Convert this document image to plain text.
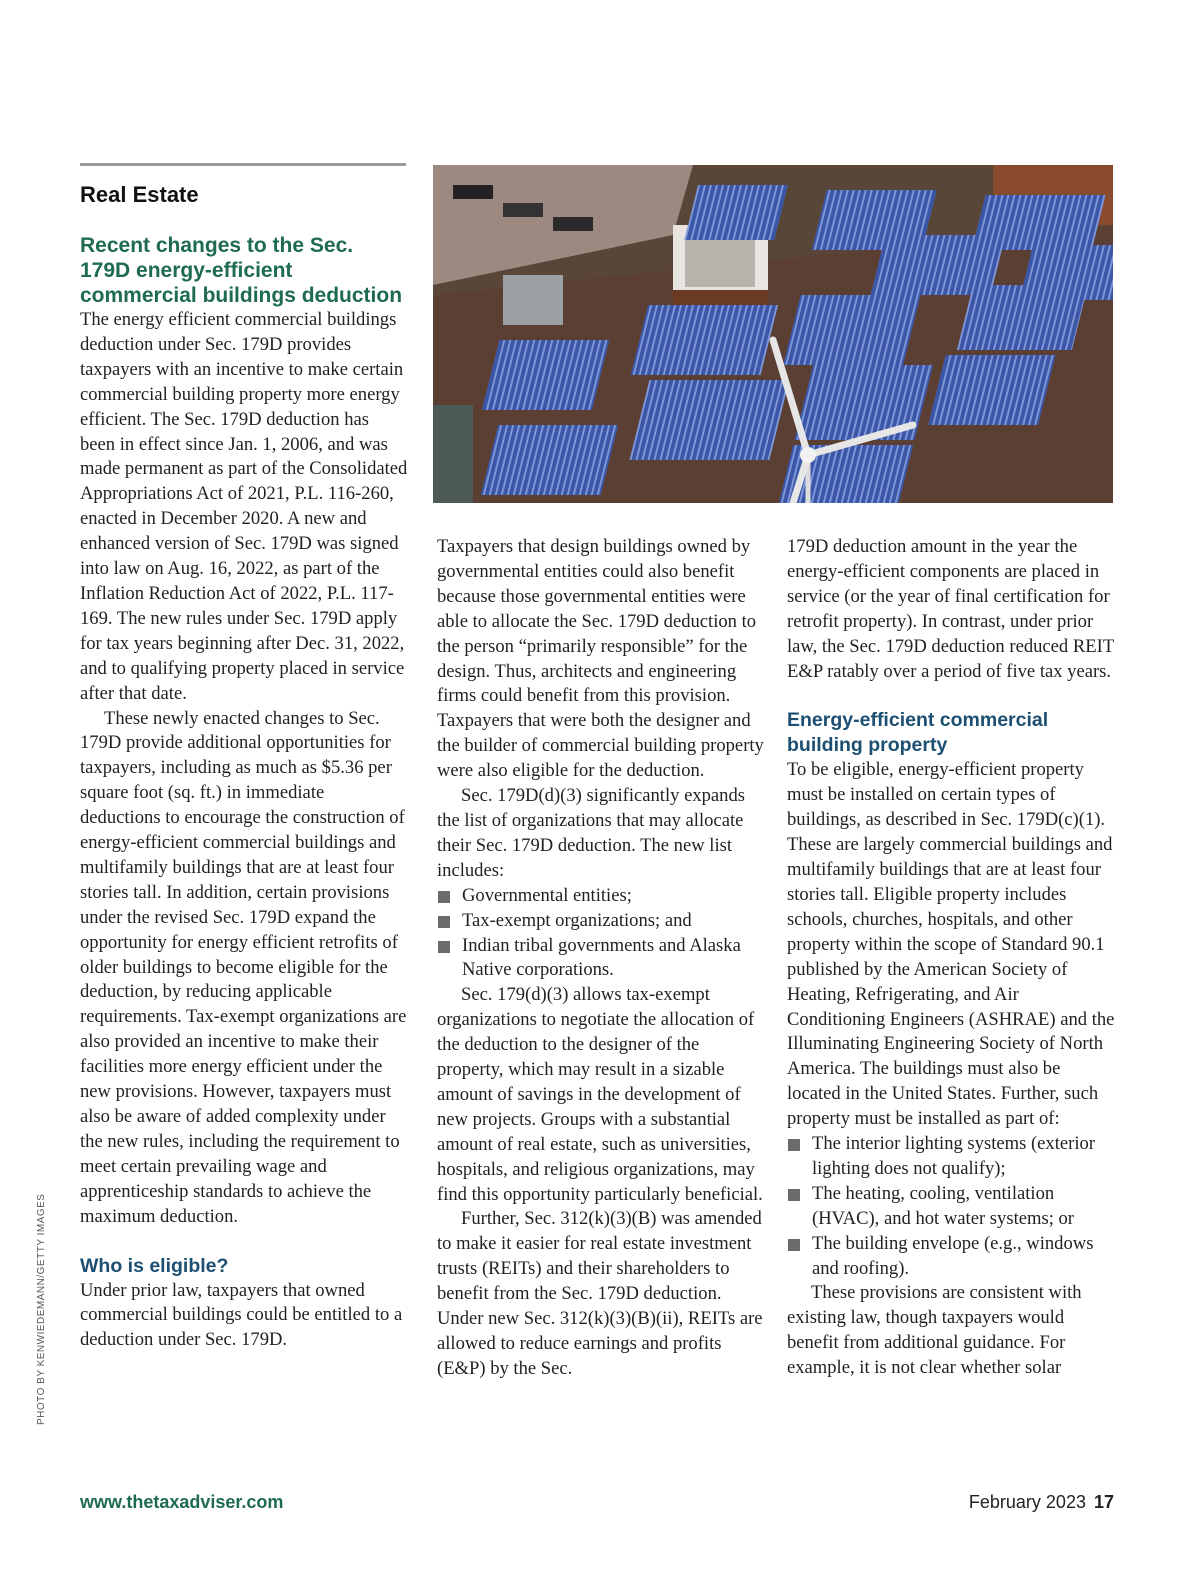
Real Estate
Recent changes to the Sec. 179D energy-efficient commercial buildings deduction

The energy efficient commercial buildings deduction under Sec. 179D provides taxpayers with an incentive to make certain commercial building property more energy efficient. The Sec. 179D deduction has been in effect since Jan. 1, 2006, and was made permanent as part of the Consolidated Appropriations Act of 2021, P.L. 116-260, enacted in December 2020. A new and enhanced version of Sec. 179D was signed into law on Aug. 16, 2022, as part of the Inflation Reduction Act of 2022, P.L. 117-169. The new rules under Sec. 179D apply for tax years beginning after Dec. 31, 2022, and to qualifying property placed in service after that date.

These newly enacted changes to Sec. 179D provide additional opportunities for taxpayers, including as much as $5.36 per square foot (sq. ft.) in immediate deductions to encourage the construction of energy-efficient commercial buildings and multifamily buildings that are at least four stories tall. In addition, certain provisions under the revised Sec. 179D expand the opportunity for energy efficient retrofits of older buildings to become eligible for the deduction, by reducing applicable requirements. Tax-exempt organizations are also provided an incentive to make their facilities more energy efficient under the new provisions. However, taxpayers must also be aware of added complexity under the new rules, including the requirement to meet certain prevailing wage and apprenticeship standards to achieve the maximum deduction.

Who is eligible?

Under prior law, taxpayers that owned commercial buildings could be entitled to a deduction under Sec. 179D.

Taxpayers that design buildings owned by governmental entities could also benefit because those governmental entities were able to allocate the Sec. 179D deduction to the person “primarily responsible” for the design. Thus, architects and engineering firms could benefit from this provision. Taxpayers that were both the designer and the builder of commercial building property were also eligible for the deduction.

Sec. 179D(d)(3) significantly expands the list of organizations that may allocate their Sec. 179D deduction. The new list includes:

Governmental entities;
Tax-exempt organizations; and
Indian tribal governments and Alaska Native corporations.

Sec. 179(d)(3) allows tax-exempt organizations to negotiate the allocation of the deduction to the designer of the property, which may result in a sizable amount of savings in the development of new projects. Groups with a substantial amount of real estate, such as universities, hospitals, and religious organizations, may find this opportunity particularly beneficial.

Further, Sec. 312(k)(3)(B) was amended to make it easier for real estate investment trusts (REITs) and their shareholders to benefit from the Sec. 179D deduction. Under new Sec. 312(k)(3)(B)(ii), REITs are allowed to reduce earnings and profits (E&P) by the Sec.

179D deduction amount in the year the energy-efficient components are placed in service (or the year of final certification for retrofit property). In contrast, under prior law, the Sec. 179D deduction reduced REIT E&P ratably over a period of five tax years.

Energy-efficient commercial building property

To be eligible, energy-efficient property must be installed on certain types of buildings, as described in Sec. 179D(c)(1). These are largely commercial buildings and multifamily buildings that are at least four stories tall. Eligible property includes schools, churches, hospitals, and other property within the scope of Standard 90.1 published by the American Society of Heating, Refrigerating, and Air Conditioning Engineers (ASHRAE) and the Illuminating Engineering Society of North America. The buildings must also be located in the United States. Further, such property must be installed as part of:

The interior lighting systems (exterior lighting does not qualify);
The heating, cooling, ventilation (HVAC), and hot water systems; or
The building envelope (e.g., windows and roofing).

These provisions are consistent with existing law, though taxpayers would benefit from additional guidance. For example, it is not clear whether solar

PHOTO BY KENWIEDEMANN/GETTY IMAGES
www.thetaxadviser.com	February 2023 17
